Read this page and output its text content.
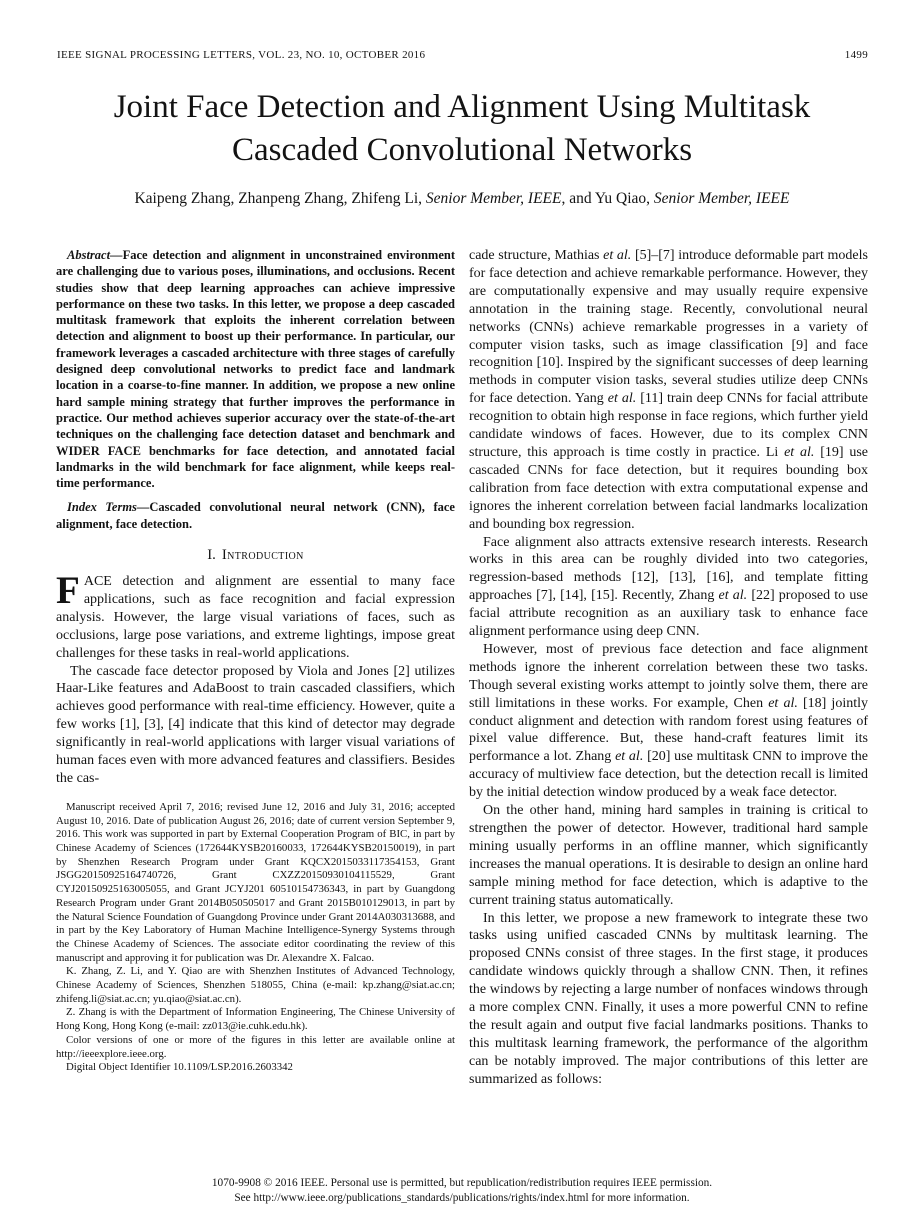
IEEE SIGNAL PROCESSING LETTERS, VOL. 23, NO. 10, OCTOBER 2016	1499
Joint Face Detection and Alignment Using Multitask
Cascaded Convolutional Networks
Kaipeng Zhang, Zhanpeng Zhang, Zhifeng Li, Senior Member, IEEE, and Yu Qiao, Senior Member, IEEE

Abstract—Face detection and alignment in unconstrained environment are challenging due to various poses, illuminations, and occlusions. Recent studies show that deep learning approaches can achieve impressive performance on these two tasks. In this letter, we propose a deep cascaded multitask framework that exploits the inherent correlation between detection and alignment to boost up their performance. In particular, our framework leverages a cascaded architecture with three stages of carefully designed deep convolutional networks to predict face and landmark location in a coarse-to-fine manner. In addition, we propose a new online hard sample mining strategy that further improves the performance in practice. Our method achieves superior accuracy over the state-of-the-art techniques on the challenging face detection dataset and benchmark and WIDER FACE benchmarks for face detection, and annotated facial landmarks in the wild benchmark for face alignment, while keeps real-time performance.

Index Terms—Cascaded convolutional neural network (CNN), face alignment, face detection.

I. Introduction

FACE detection and alignment are essential to many face applications, such as face recognition and facial expression analysis. However, the large visual variations of faces, such as occlusions, large pose variations, and extreme lightings, impose great challenges for these tasks in real-world applications.

The cascade face detector proposed by Viola and Jones [2] utilizes Haar-Like features and AdaBoost to train cascaded classifiers, which achieves good performance with real-time efficiency. However, quite a few works [1], [3], [4] indicate that this kind of detector may degrade significantly in real-world applications with larger visual variations of human faces even with more advanced features and classifiers. Besides the cas-

Manuscript received April 7, 2016; revised June 12, 2016 and July 31, 2016; accepted August 10, 2016. Date of publication August 26, 2016; date of current version September 9, 2016. This work was supported in part by External Cooperation Program of BIC, in part by Chinese Academy of Sciences (172644KYSB20160033, 172644KYSB20150019), in part by Shenzhen Research Program under Grant KQCX2015033117354153, Grant JSGG20150925164740726, Grant CXZZ20150930104115529, Grant CYJ20150925163005055, and Grant JCYJ201 60510154736343, in part by Guangdong Research Program under Grant 2014B050505017 and Grant 2015B010129013, in part by the Natural Science Foundation of Guangdong Province under Grant 2014A030313688, and in part by the Key Laboratory of Human Machine Intelligence-Synergy Systems through the Chinese Academy of Sciences. The associate editor coordinating the review of this manuscript and approving it for publication was Dr. Alexandre X. Falcao.

K. Zhang, Z. Li, and Y. Qiao are with Shenzhen Institutes of Advanced Technology, Chinese Academy of Sciences, Shenzhen 518055, China (e-mail: kp.zhang@siat.ac.cn; zhifeng.li@siat.ac.cn; yu.qiao@siat.ac.cn).

Z. Zhang is with the Department of Information Engineering, The Chinese University of Hong Kong, Hong Kong (e-mail: zz013@ie.cuhk.edu.hk).

Color versions of one or more of the figures in this letter are available online at http://ieeexplore.ieee.org.

Digital Object Identifier 10.1109/LSP.2016.2603342

cade structure, Mathias et al. [5]–[7] introduce deformable part models for face detection and achieve remarkable performance. However, they are computationally expensive and may usually require expensive annotation in the training stage. Recently, convolutional neural networks (CNNs) achieve remarkable progresses in a variety of computer vision tasks, such as image classification [9] and face recognition [10]. Inspired by the significant successes of deep learning methods in computer vision tasks, several studies utilize deep CNNs for face detection. Yang et al. [11] train deep CNNs for facial attribute recognition to obtain high response in face regions, which further yield candidate windows of faces. However, due to its complex CNN structure, this approach is time costly in practice. Li et al. [19] use cascaded CNNs for face detection, but it requires bounding box calibration from face detection with extra computational expense and ignores the inherent correlation between facial landmarks localization and bounding box regression.

Face alignment also attracts extensive research interests. Research works in this area can be roughly divided into two categories, regression-based methods [12], [13], [16], and template fitting approaches [7], [14], [15]. Recently, Zhang et al. [22] proposed to use facial attribute recognition as an auxiliary task to enhance face alignment performance using deep CNN.

However, most of previous face detection and face alignment methods ignore the inherent correlation between these two tasks. Though several existing works attempt to jointly solve them, there are still limitations in these works. For example, Chen et al. [18] jointly conduct alignment and detection with random forest using features of pixel value difference. But, these hand-craft features limit its performance a lot. Zhang et al. [20] use multitask CNN to improve the accuracy of multiview face detection, but the detection recall is limited by the initial detection window produced by a weak face detector.

On the other hand, mining hard samples in training is critical to strengthen the power of detector. However, traditional hard sample mining usually performs in an offline manner, which significantly increases the manual operations. It is desirable to design an online hard sample mining method for face detection, which is adaptive to the current training status automatically.

In this letter, we propose a new framework to integrate these two tasks using unified cascaded CNNs by multitask learning. The proposed CNNs consist of three stages. In the first stage, it produces candidate windows quickly through a shallow CNN. Then, it refines the windows by rejecting a large number of nonfaces windows through a more complex CNN. Finally, it uses a more powerful CNN to refine the result again and output five facial landmarks positions. Thanks to this multitask learning framework, the performance of the algorithm can be notably improved. The major contributions of this letter are summarized as follows:

1070-9908 © 2016 IEEE. Personal use is permitted, but republication/redistribution requires IEEE permission.
See http://www.ieee.org/publications_standards/publications/rights/index.html for more information.
